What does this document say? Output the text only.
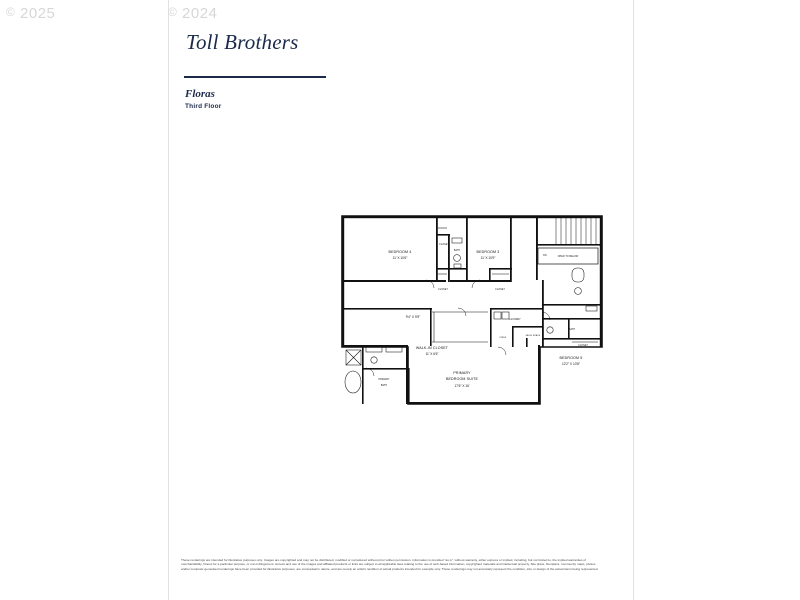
© 2025	© 2024
Toll Brothers
Floras
Third Floor
BEDROOM 4
11' X 10'6"
BEDROOM 3
11' X 10'9"
BEDROOM 5
12'2" X 10'8"
PRIMARY
BEDROOM SUITE
17'6" X 16'
WALK-IN CLOSET
11' X 6'6"
9'4" X 5'9"
CLOSET
BATH
CLOSET	CLOSET
OPEN TO BELOW
DN
BATH
CLOSET
LAUNDRY
MECH SPACE
PWDR
PRIMARY
BATH
These renderings are intended for illustrative purposes only. Images are copyrighted and may not be distributed, modified or reproduced without prior written permission. Information is provided "as is", without warranty, either express or implied, including, but not limited to, the implied warranties of merchantability, fitness for a particular purpose, or non-infringement. Access and use of the images and affiliated products or links are subject to all applicable laws relating to the use of web-based information, copyrighted materials and intellectual property. Site plans, floorplans, community maps, photos and/or computer-generated renderings have been provided for illustrative purposes, are conceptual in nature, and are merely an artist's rendition of actual products intended for example only. These renderings may not accurately represent the condition, size or design of the actual items being represented.
